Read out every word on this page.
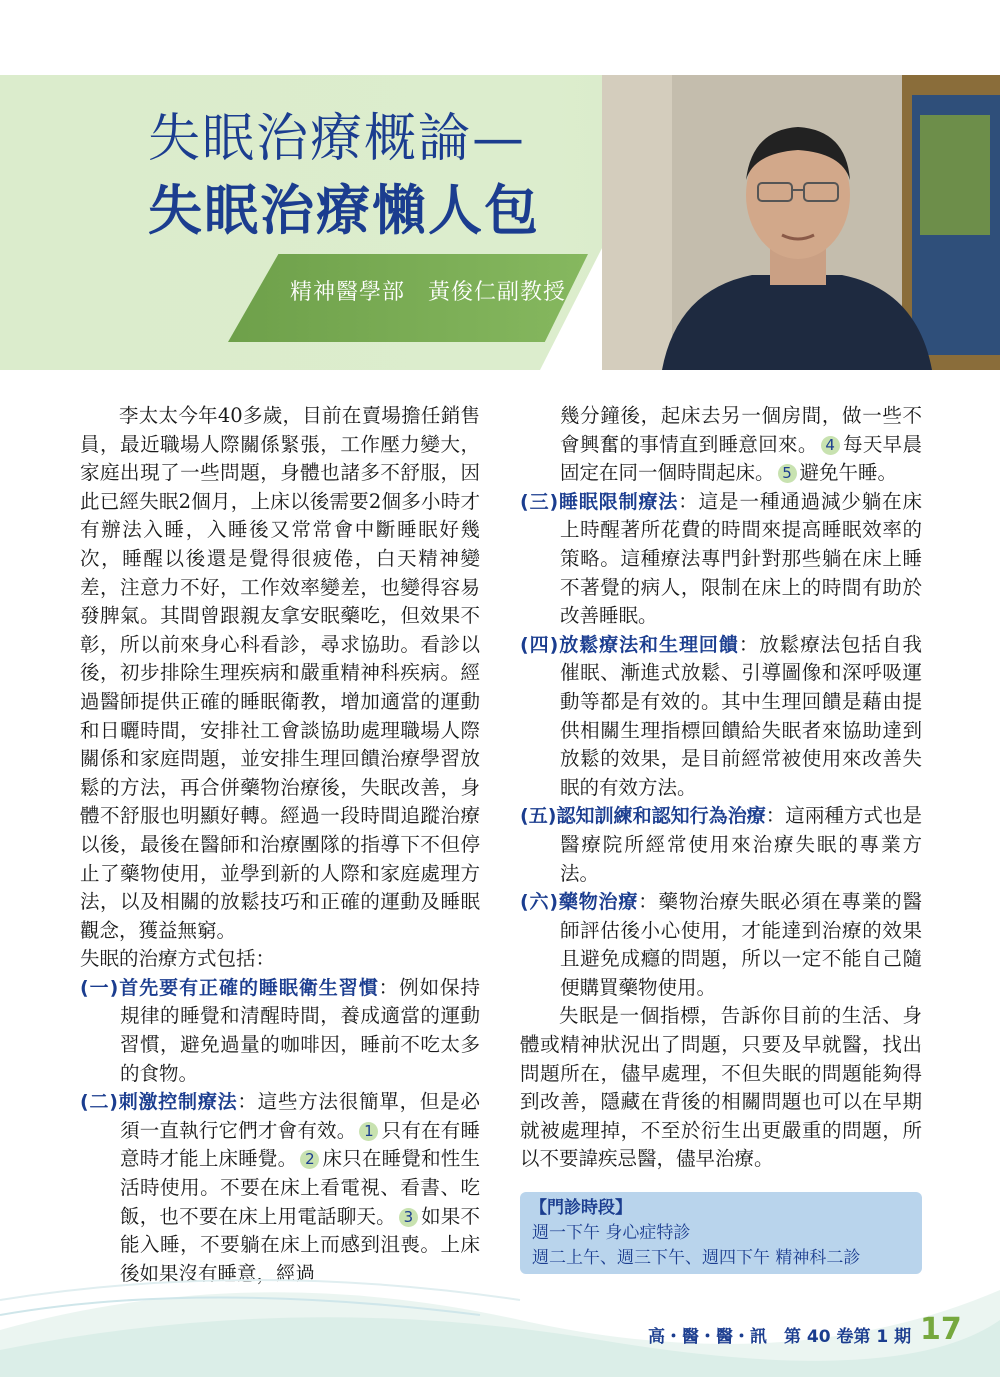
失眠治療概論—
失眠治療懶人包
精神醫學部　黃俊仁副教授

李太太今年40多歲，目前在賣場擔任銷售員，最近職場人際關係緊張，工作壓力變大，家庭出現了一些問題，身體也諸多不舒服，因此已經失眠2個月，上床以後需要2個多小時才有辦法入睡，入睡後又常常會中斷睡眠好幾次，睡醒以後還是覺得很疲倦，白天精神變差，注意力不好，工作效率變差，也變得容易發脾氣。其間曾跟親友拿安眠藥吃，但效果不彰，所以前來身心科看診，尋求協助。看診以後，初步排除生理疾病和嚴重精神科疾病。經過醫師提供正確的睡眠衛教，增加適當的運動和日曬時間，安排社工會談協助處理職場人際關係和家庭問題，並安排生理回饋治療學習放鬆的方法，再合併藥物治療後，失眠改善，身體不舒服也明顯好轉。經過一段時間追蹤治療以後，最後在醫師和治療團隊的指導下不但停止了藥物使用，並學到新的人際和家庭處理方法，以及相關的放鬆技巧和正確的運動及睡眠觀念，獲益無窮。

失眠的治療方式包括：

(一)首先要有正確的睡眠衛生習慣：例如保持規律的睡覺和清醒時間，養成適當的運動習慣，避免過量的咖啡因，睡前不吃太多的食物。

(二)刺激控制療法：這些方法很簡單，但是必須一直執行它們才會有效。 1 只有在有睡意時才能上床睡覺。 2 床只在睡覺和性生活時使用。不要在床上看電視、看書、吃飯，也不要在床上用電話聊天。 3 如果不能入睡，不要躺在床上而感到沮喪。上床後如果沒有睡意，經過

幾分鐘後，起床去另一個房間，做一些不會興奮的事情直到睡意回來。 4 每天早晨固定在同一個時間起床。 5 避免午睡。

(三)睡眠限制療法：這是一種通過減少躺在床上時醒著所花費的時間來提高睡眠效率的策略。這種療法專門針對那些躺在床上睡不著覺的病人，限制在床上的時間有助於改善睡眠。

(四)放鬆療法和生理回饋：放鬆療法包括自我催眠、漸進式放鬆、引導圖像和深呼吸運動等都是有效的。其中生理回饋是藉由提供相關生理指標回饋給失眠者來協助達到放鬆的效果，是目前經常被使用來改善失眠的有效方法。

(五)認知訓練和認知行為治療：這兩種方式也是醫療院所經常使用來治療失眠的專業方法。

(六)藥物治療：藥物治療失眠必須在專業的醫師評估後小心使用，才能達到治療的效果且避免成癮的問題，所以一定不能自己隨便購買藥物使用。

失眠是一個指標，告訴你目前的生活、身體或精神狀況出了問題，只要及早就醫，找出問題所在，儘早處理，不但失眠的問題能夠得到改善，隱藏在背後的相關問題也可以在早期就被處理掉，不至於衍生出更嚴重的問題，所以不要諱疾忌醫，儘早治療。

【門診時段】
週一下午 身心症特診
週二上午、週三下午、週四下午 精神科二診
高・醫・醫・訊　第 40 卷第 1 期 17
